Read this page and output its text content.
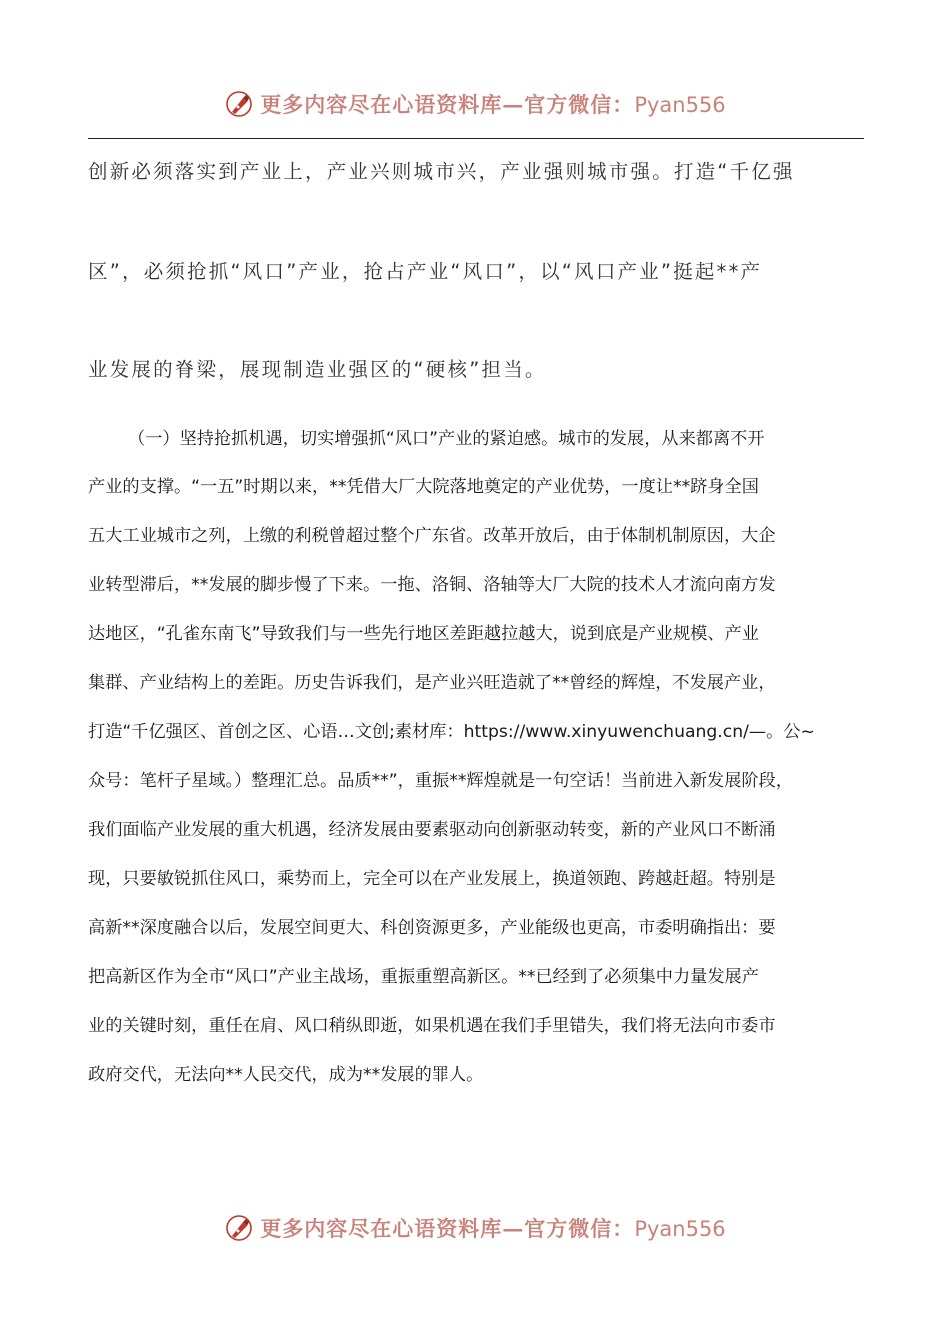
更多内容尽在心语资料库—官方微信：Pyan556
创新必须落实到产业上，产业兴则城市兴，产业强则城市强。打造“千亿强
区”，必须抢抓“风口”产业，抢占产业“风口”，以“风口产业”挺起**产
业发展的脊梁，展现制造业强区的“硬核”担当。
（一）坚持抢抓机遇，切实增强抓“风口”产业的紧迫感。城市的发展，从来都离不开
产业的支撑。“一五”时期以来，**凭借大厂大院落地奠定的产业优势，一度让**跻身全国
五大工业城市之列，上缴的利税曾超过整个广东省。改革开放后，由于体制机制原因，大企
业转型滞后，**发展的脚步慢了下来。一拖、洛铜、洛轴等大厂大院的技术人才流向南方发
达地区，“孔雀东南飞”导致我们与一些先行地区差距越拉越大，说到底是产业规模、产业
集群、产业结构上的差距。历史告诉我们，是产业兴旺造就了**曾经的辉煌，不发展产业，
打造“千亿强区、首创之区、心语…文创;素材库：https://www.xinyuwenchuang.cn/—。公~
众号：笔杆子星域。）整理汇总。品质**”，重振**辉煌就是一句空话！当前进入新发展阶段，
我们面临产业发展的重大机遇，经济发展由要素驱动向创新驱动转变，新的产业风口不断涌
现，只要敏锐抓住风口，乘势而上，完全可以在产业发展上，换道领跑、跨越赶超。特别是
高新**深度融合以后，发展空间更大、科创资源更多，产业能级也更高，市委明确指出：要
把高新区作为全市“风口”产业主战场，重振重塑高新区。**已经到了必须集中力量发展产
业的关键时刻，重任在肩、风口稍纵即逝，如果机遇在我们手里错失，我们将无法向市委市
政府交代，无法向**人民交代，成为**发展的罪人。
更多内容尽在心语资料库—官方微信：Pyan556
